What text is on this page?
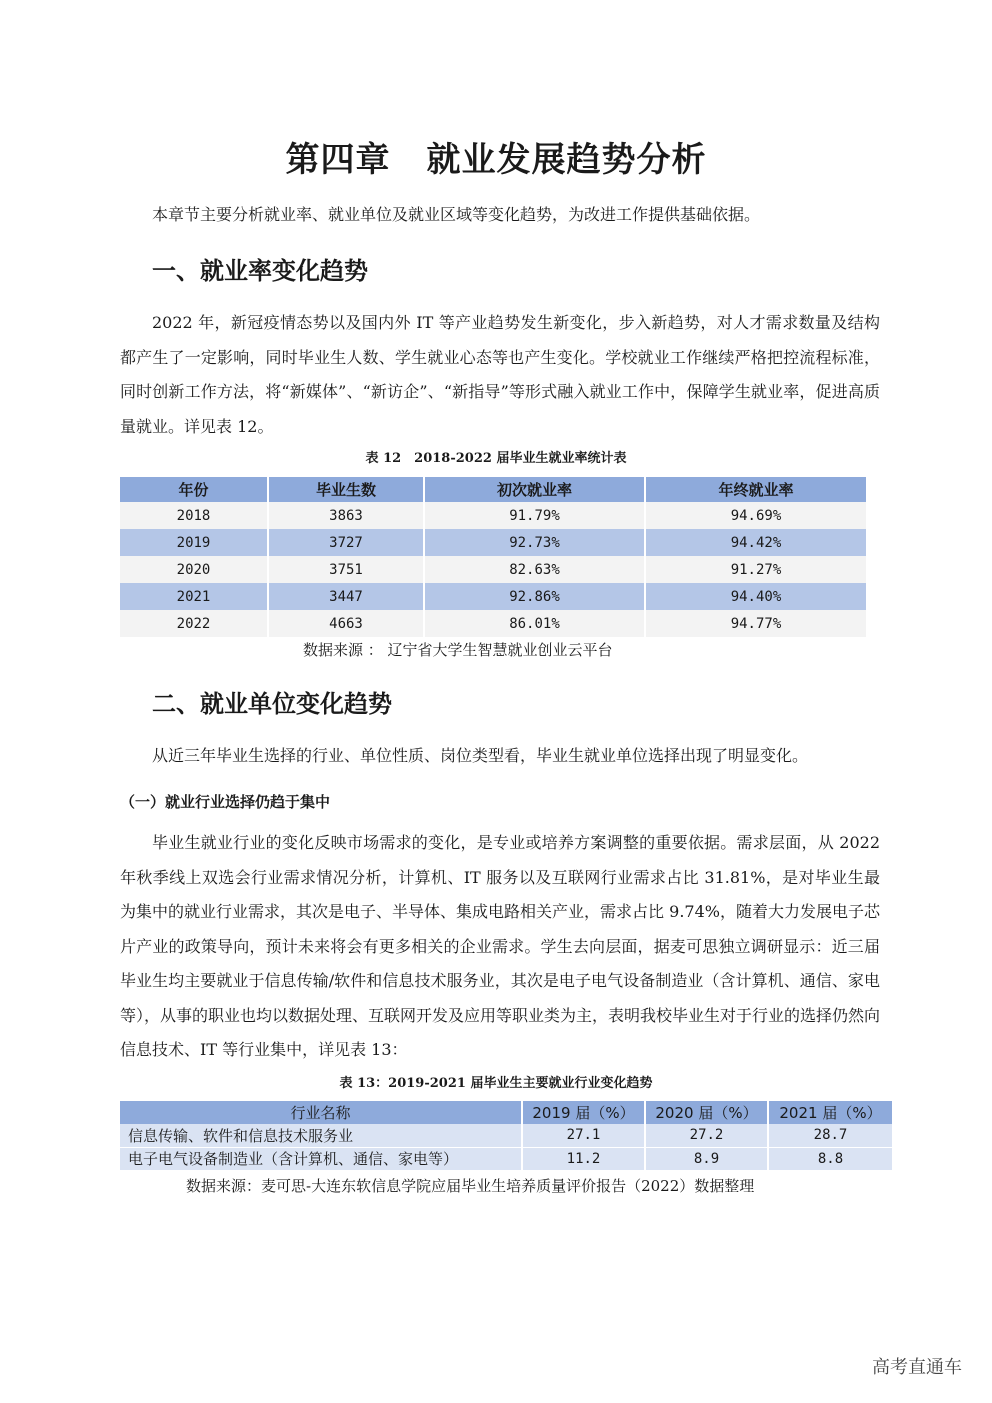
第四章 就业发展趋势分析

本章节主要分析就业率、就业单位及就业区域等变化趋势，为改进工作提供基础依据。

一、就业率变化趋势

2022 年，新冠疫情态势以及国内外 IT 等产业趋势发生新变化，步入新趋势，对人才需求数量及结构都产生了一定影响，同时毕业生人数、学生就业心态等也产生变化。学校就业工作继续严格把控流程标准，同时创新工作方法，将“新媒体”、“新访企”、“新指导”等形式融入就业工作中，保障学生就业率，促进高质量就业。详见表 12。

表 12　2018-2022 届毕业生就业率统计表
年份	毕业生数	初次就业率	年终就业率
2018	3863	91.79%	94.69%
2019	3727	92.73%	94.42%
2020	3751	82.63%	91.27%
2021	3447	92.86%	94.40%
2022	4663	86.01%	94.77%
数据来源 ： 辽宁省大学生智慧就业创业云平台
二、就业单位变化趋势

从近三年毕业生选择的行业、单位性质、岗位类型看，毕业生就业单位选择出现了明显变化。

（一）就业行业选择仍趋于集中

毕业生就业行业的变化反映市场需求的变化，是专业或培养方案调整的重要依据。需求层面，从 2022 年秋季线上双选会行业需求情况分析，计算机、IT 服务以及互联网行业需求占比 31.81%，是对毕业生最为集中的就业行业需求，其次是电子、半导体、集成电路相关产业，需求占比 9.74%，随着大力发展电子芯片产业的政策导向，预计未来将会有更多相关的企业需求。学生去向层面，据麦可思独立调研显示：近三届毕业生均主要就业于信息传输/软件和信息技术服务业，其次是电子电气设备制造业（含计算机、通信、家电等），从事的职业也均以数据处理、互联网开发及应用等职业类为主，表明我校毕业生对于行业的选择仍然向信息技术、IT 等行业集中，详见表 13：

表 13：2019-2021 届毕业生主要就业行业变化趋势
行业名称	2019 届（%）	2020 届（%）	2021 届（%）
信息传输、软件和信息技术服务业	27.1	27.2	28.7
电子电气设备制造业（含计算机、通信、家电等）	11.2	8.9	8.8
数据来源：麦可思-大连东软信息学院应届毕业生培养质量评价报告（2022）数据整理
高考直通车
